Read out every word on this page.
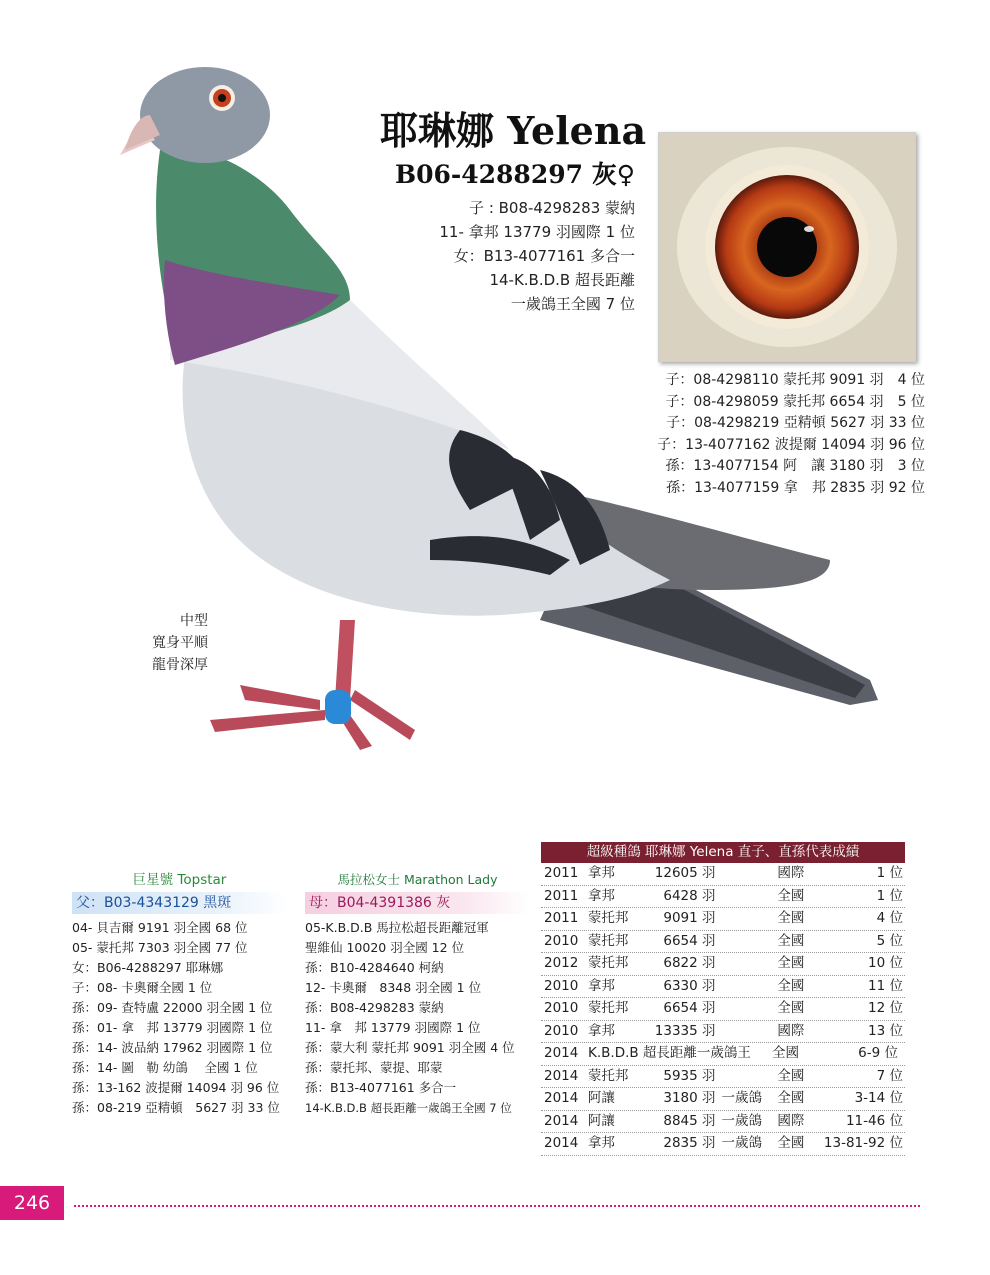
耶琳娜 Yelena
B06-4288297 灰♀
子 : B08-4298283 蒙納
11- 拿邦 13779 羽國際 1 位
女：B13-4077161 多合一
14-K.B.D.B 超長距離
一歲鴿王全國 7 位
子：08-4298110 蒙托邦 9091 羽　4 位
子：08-4298059 蒙托邦 6654 羽　5 位
子：08-4298219 亞精頓 5627 羽 33 位
子：13-4077162 波提爾 14094 羽 96 位
孫：13-4077154 阿　讓 3180 羽　3 位
孫：13-4077159 拿　邦 2835 羽 92 位
中型
寬身平順
龍骨深厚
巨星號 Topstar
父：B03-4343129 黑斑
04- 貝吉爾 9191 羽全國 68 位
05- 蒙托邦 7303 羽全國 77 位
女：B06-4288297 耶琳娜
子：08- 卡奧爾全國 1 位
孫：09- 查特盧 22000 羽全國 1 位
孫：01- 拿　邦 13779 羽國際 1 位
孫：14- 波品納 17962 羽國際 1 位
孫：14- 圖　勒 幼鴿　 全國 1 位
孫：13-162 波提爾 14094 羽 96 位
孫：08-219 亞精頓　5627 羽 33 位
馬拉松女士 Marathon Lady
母：B04-4391386 灰
05-K.B.D.B 馬拉松超長距離冠軍
聖維仙 10020 羽全國 12 位
孫：B10-4284640 柯納
12- 卡奧爾　8348 羽全國 1 位
孫：B08-4298283 蒙納
11- 拿　邦 13779 羽國際 1 位
孫：蒙大利 蒙托邦 9091 羽全國 4 位
孫：蒙托邦、蒙提、耶蒙
孫：B13-4077161 多合一
14-K.B.D.B 超長距離一歲鴿王全國 7 位
超級種鴿 耶琳娜 Yelena 直子、直孫代表成績
2011 拿邦	12605 羽	國際	1 位
2011 拿邦	6428 羽	全國	1 位
2011 蒙托邦	9091 羽	全國	4 位
2010 蒙托邦	6654 羽	全國	5 位
2012 蒙托邦	6822 羽	全國	10 位
2010 拿邦	6330 羽	全國	11 位
2010 蒙托邦	6654 羽	全國	12 位
2010 拿邦	13335 羽	國際	13 位
2014 K.B.D.B 超長距離一歲鴿王	全國	6-9 位
2014 蒙托邦	5935 羽	全國	7 位
2014 阿讓	3180 羽 一歲鴿	全國	3-14 位
2014 阿讓	8845 羽 一歲鴿	國際	11-46 位
2014 拿邦	2835 羽 一歲鴿	全國	13-81-92 位
246
